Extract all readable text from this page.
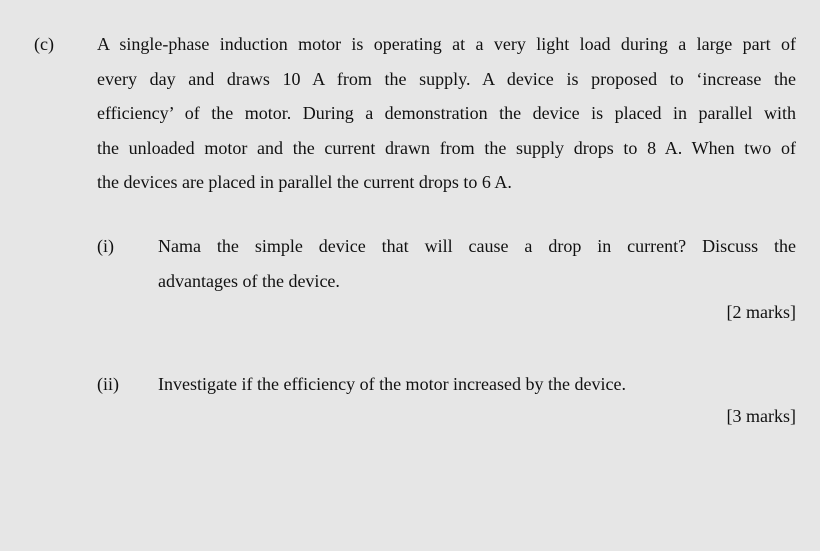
(c) A single-phase induction motor is operating at a very light load during a large part of
every day and draws 10 A from the supply. A device is proposed to ‘increase the
efficiency’ of the motor. During a demonstration the device is placed in parallel with
the unloaded motor and the current drawn from the supply drops to 8 A. When two of
the devices are placed in parallel the current drops to 6 A.
(i) Nama the simple device that will cause a drop in current? Discuss the
advantages of the device.
[2 marks]
(ii) Investigate if the efficiency of the motor increased by the device.
[3 marks]
